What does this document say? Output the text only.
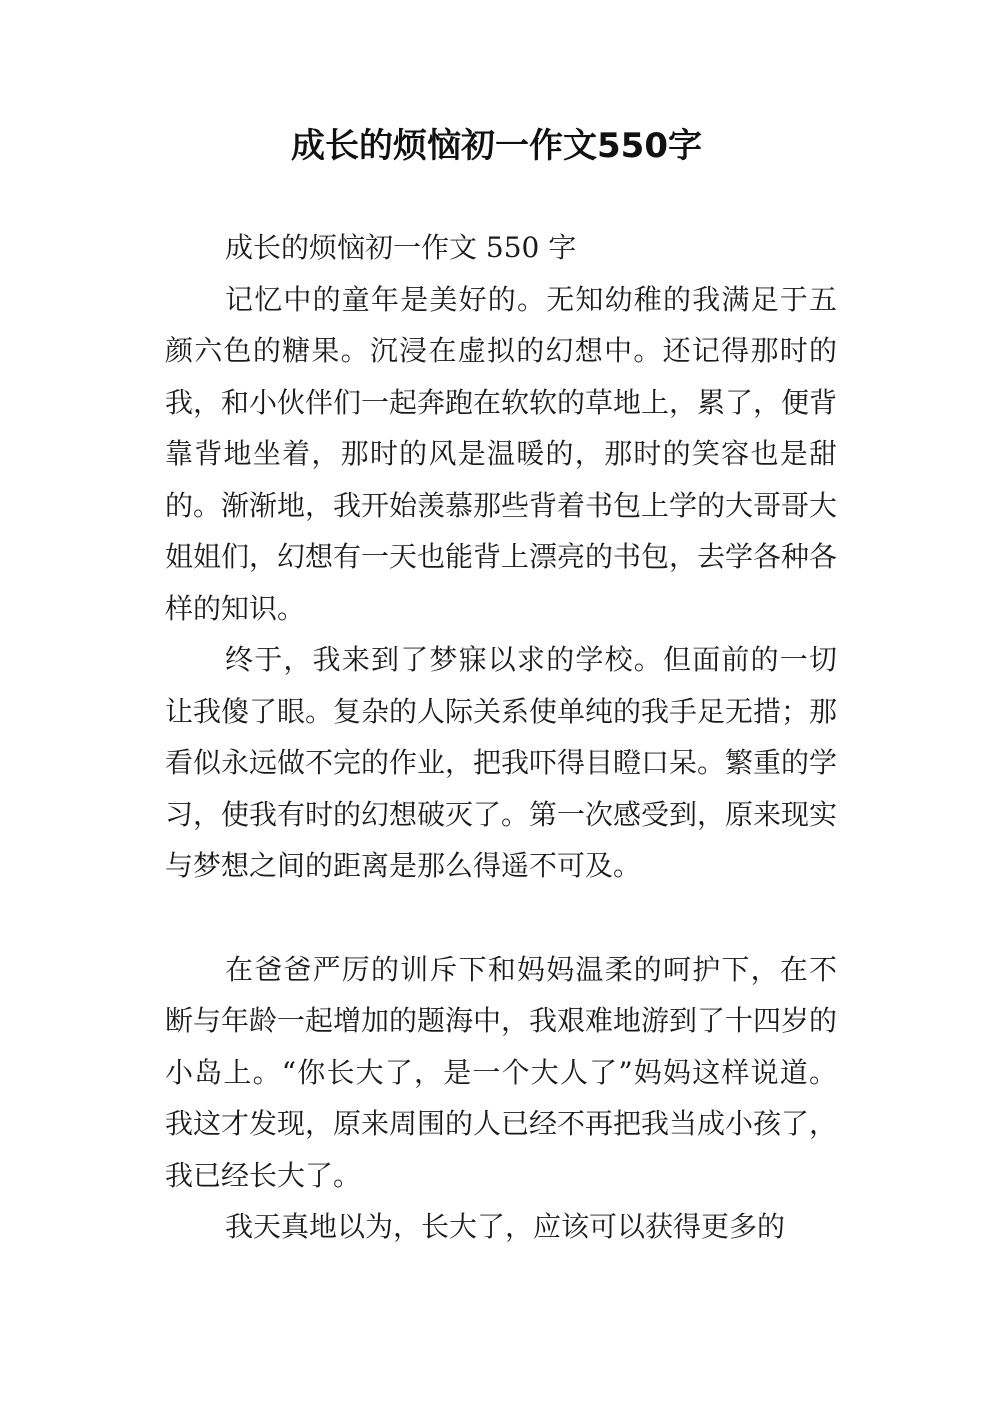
成长的烦恼初一作文550字

成长的烦恼初一作文 550 字

记忆中的童年是美好的。无知幼稚的我满足于五颜六色的糖果。沉浸在虚拟的幻想中。还记得那时的我，和小伙伴们一起奔跑在软软的草地上，累了，便背靠背地坐着，那时的风是温暖的，那时的笑容也是甜的。渐渐地，我开始羡慕那些背着书包上学的大哥哥大姐姐们，幻想有一天也能背上漂亮的书包，去学各种各样的知识。

终于，我来到了梦寐以求的学校。但面前的一切让我傻了眼。复杂的人际关系使单纯的我手足无措；那看似永远做不完的作业，把我吓得目瞪口呆。繁重的学习，使我有时的幻想破灭了。第一次感受到，原来现实与梦想之间的距离是那么得遥不可及。

在爸爸严厉的训斥下和妈妈温柔的呵护下，在不断与年龄一起增加的题海中，我艰难地游到了十四岁的小岛上。“你长大了，是一个大人了”妈妈这样说道。我这才发现，原来周围的人已经不再把我当成小孩了，我已经长大了。

我天真地以为，长大了，应该可以获得更多的
